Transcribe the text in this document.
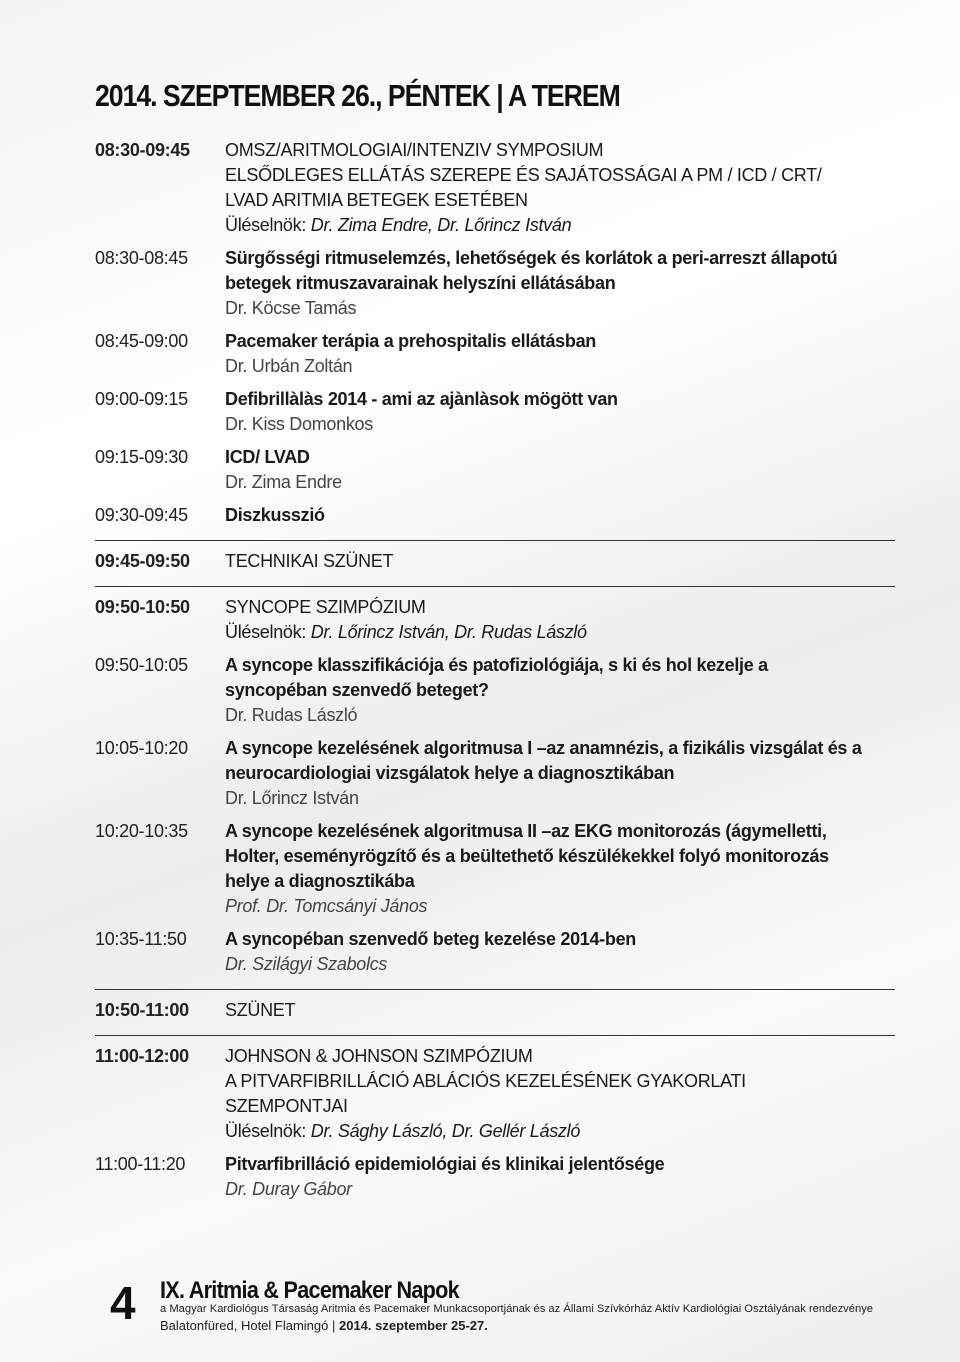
2014. SZEPTEMBER 26., PÉNTEK | A TEREM
08:30-09:45	OMSZ/ARITMOLOGIAI/INTENZIV SYMPOSIUM
ELSŐDLEGES ELLÁTÁS SZEREPE ÉS SAJÁTOSSÁGAI A PM / ICD / CRT/
LVAD ARITMIA BETEGEK ESETÉBEN
Üléselnök: Dr. Zima Endre, Dr. Lőrincz István
08:30-08:45	Sürgősségi ritmuselemzés, lehetőségek és korlátok a peri-arreszt állapotú
betegek ritmuszavarainak helyszíni ellátásában
Dr. Köcse Tamás
08:45-09:00	Pacemaker terápia a prehospitalis ellátásban
Dr. Urbán Zoltán
09:00-09:15	Defibrillàlàs 2014 - ami az ajànlàsok mögött van
Dr. Kiss Domonkos
09:15-09:30	ICD/ LVAD
Dr. Zima Endre
09:30-09:45	Diszkusszió
09:45-09:50	TECHNIKAI SZÜNET
09:50-10:50	SYNCOPE SZIMPÓZIUM
Üléselnök: Dr. Lőrincz István, Dr. Rudas László
09:50-10:05	A syncope klasszifikációja és patofiziológiája, s ki és hol kezelje a
syncopéban szenvedő beteget?
Dr. Rudas László
10:05-10:20	A syncope kezelésének algoritmusa I –az anamnézis, a fizikális vizsgálat és a
neurocardiologiai vizsgálatok helye a diagnosztikában
Dr. Lőrincz István
10:20-10:35	A syncope kezelésének algoritmusa II –az EKG monitorozás (ágymelletti,
Holter, eseményrögzítő és a beültethető készülékekkel folyó monitorozás
helye a diagnosztikába
Prof. Dr. Tomcsányi János
10:35-11:50	A syncopéban szenvedő beteg kezelése 2014-ben
Dr. Szilágyi Szabolcs
10:50-11:00	SZÜNET
11:00-12:00	JOHNSON & JOHNSON SZIMPÓZIUM
A PITVARFIBRILLÁCIÓ ABLÁCIÓS KEZELÉSÉNEK GYAKORLATI
SZEMPONTJAI
Üléselnök: Dr. Sághy László, Dr. Gellér László
11:00-11:20	Pitvarfibrilláció epidemiológiai és klinikai jelentősége
Dr. Duray Gábor
4 IX. Aritmia & Pacemaker Napok
a Magyar Kardiológus Társaság Aritmia és Pacemaker Munkacsoportjának és az Állami Szívkórház Aktív Kardiológiai Osztályának rendezvénye
Balatonfüred, Hotel Flamingó | 2014. szeptember 25-27.
